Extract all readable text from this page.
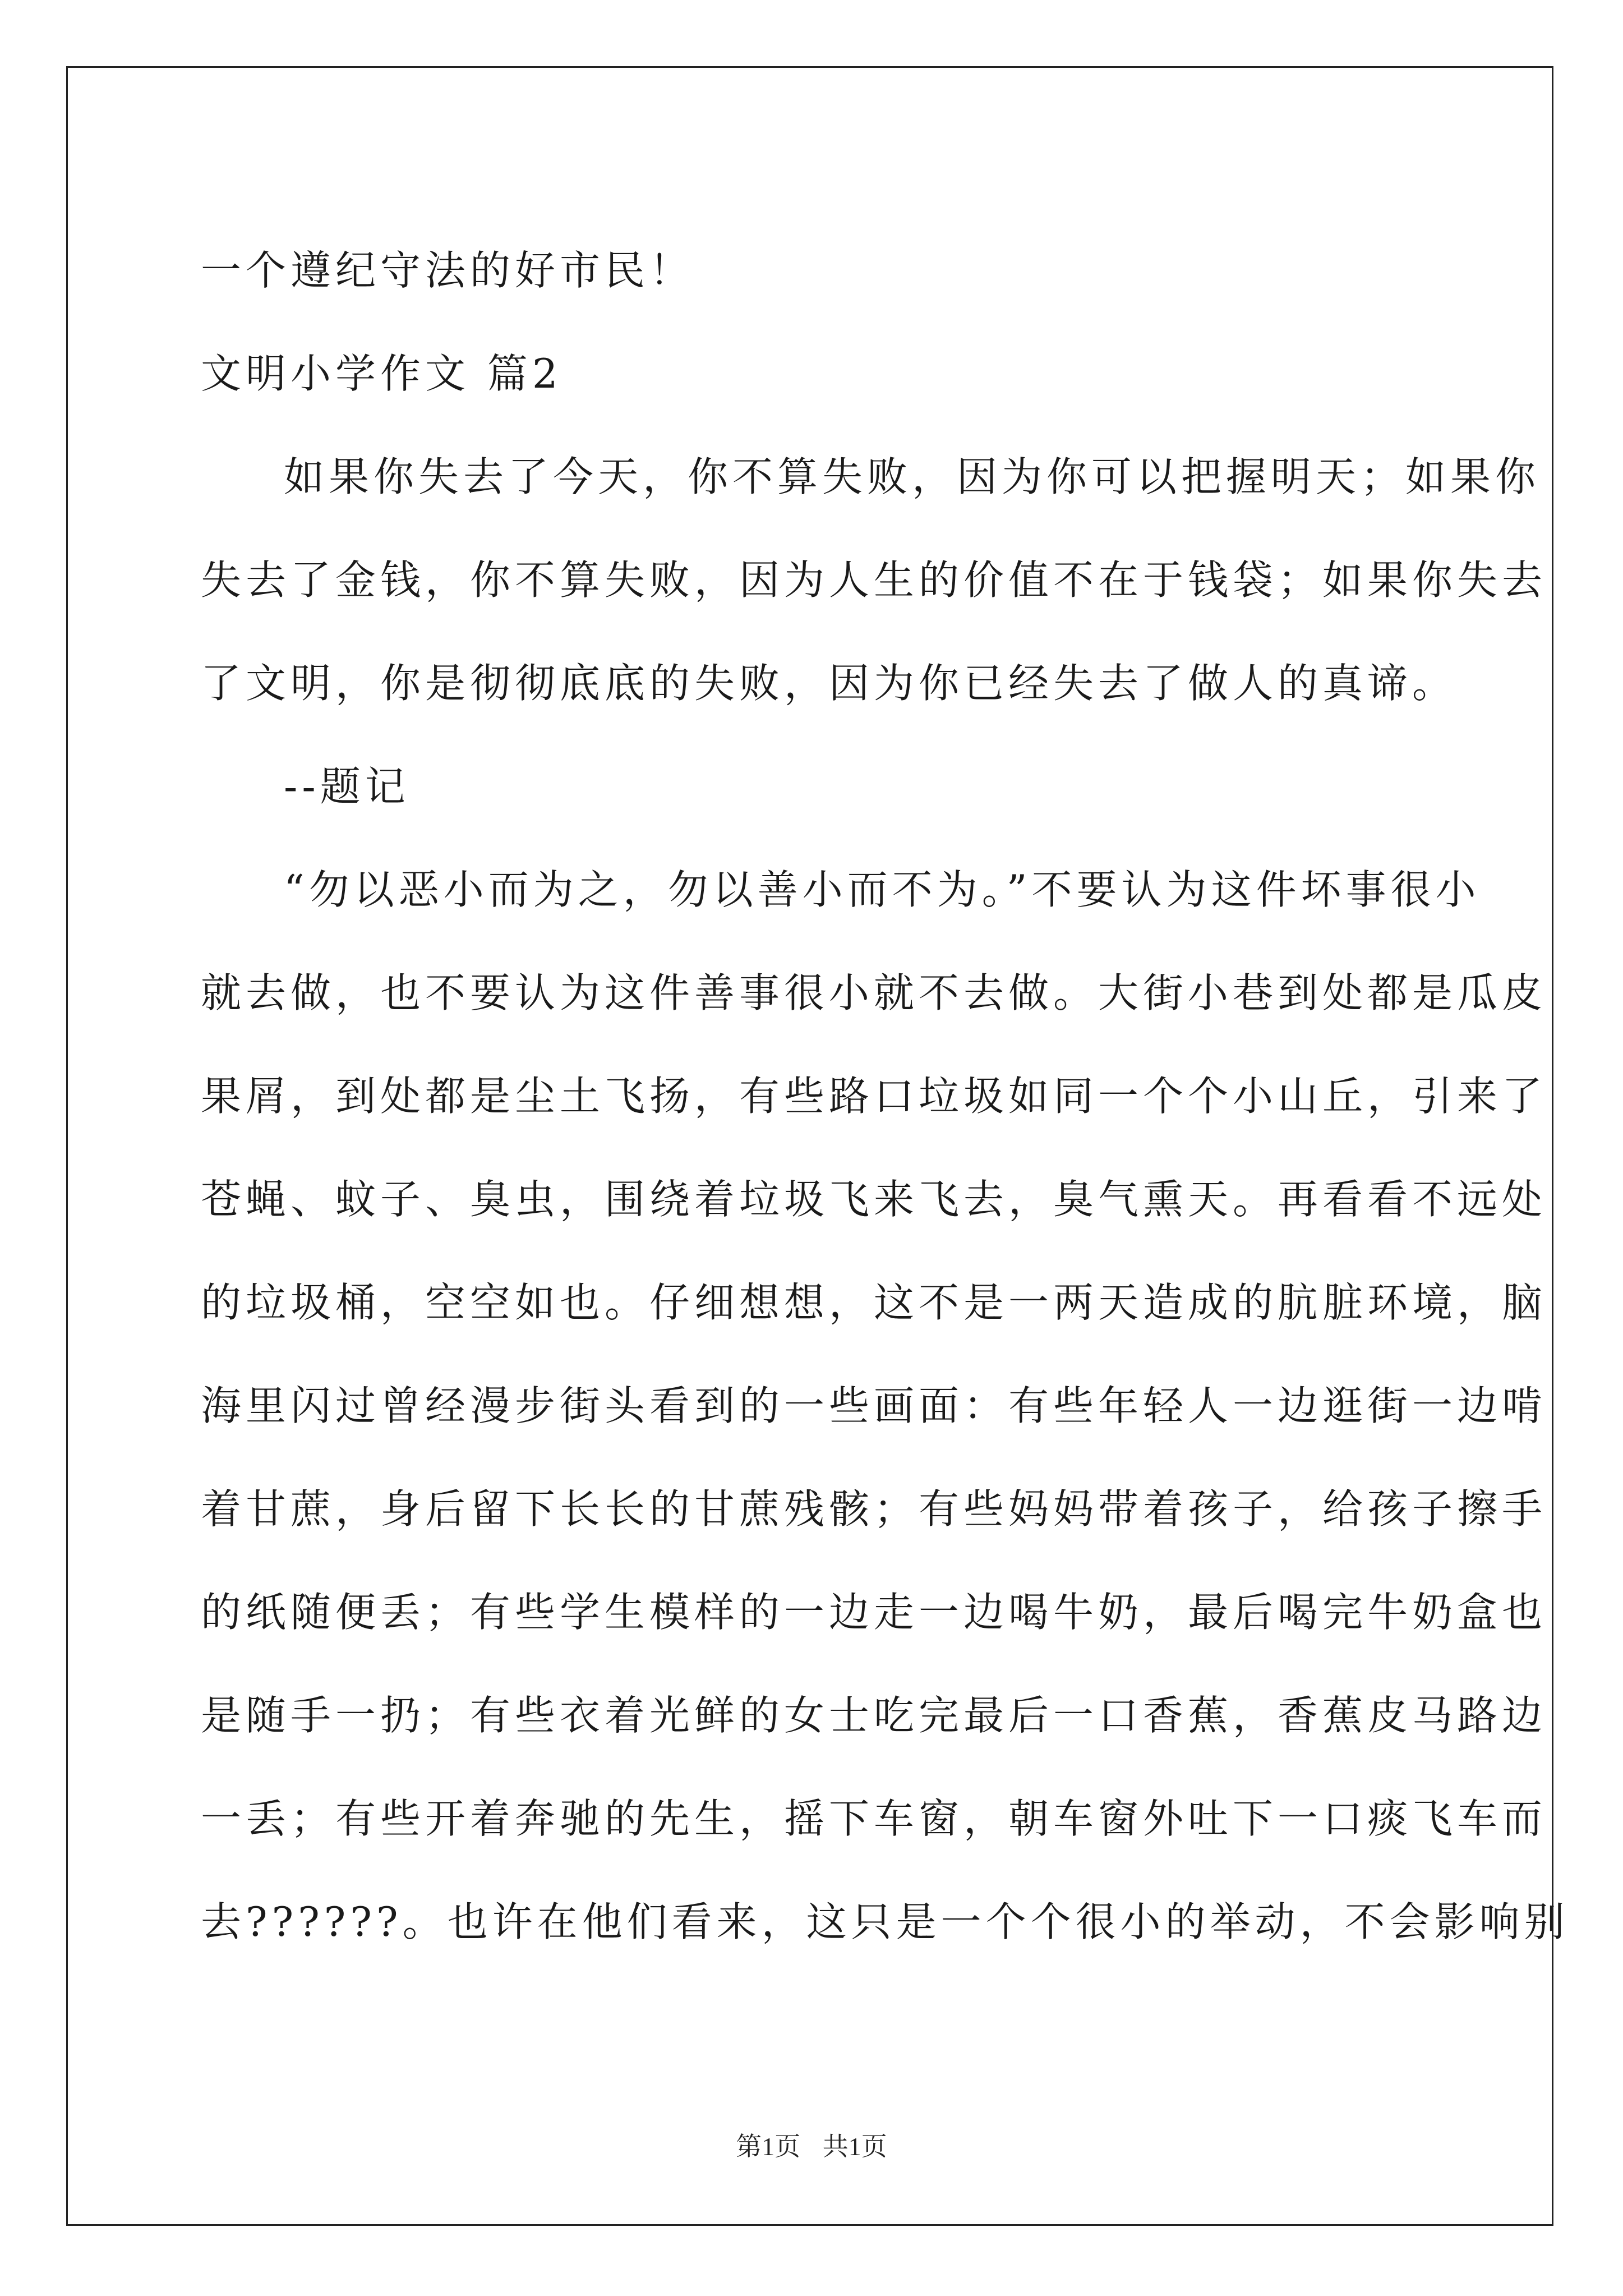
一个遵纪守法的好市民！
文明小学作文 篇2
如果你失去了今天，你不算失败，因为你可以把握明天；如果你
失去了金钱，你不算失败，因为人生的价值不在于钱袋；如果你失去
了文明，你是彻彻底底的失败，因为你已经失去了做人的真谛。
--题记
“勿以恶小而为之，勿以善小而不为。”不要认为这件坏事很小
就去做，也不要认为这件善事很小就不去做。大街小巷到处都是瓜皮
果屑，到处都是尘土飞扬，有些路口垃圾如同一个个小山丘，引来了
苍蝇、蚊子、臭虫，围绕着垃圾飞来飞去，臭气熏天。再看看不远处
的垃圾桶，空空如也。仔细想想，这不是一两天造成的肮脏环境，脑
海里闪过曾经漫步街头看到的一些画面：有些年轻人一边逛街一边啃
着甘蔗，身后留下长长的甘蔗残骸；有些妈妈带着孩子，给孩子擦手
的纸随便丢；有些学生模样的一边走一边喝牛奶，最后喝完牛奶盒也
是随手一扔；有些衣着光鲜的女士吃完最后一口香蕉，香蕉皮马路边
一丢；有些开着奔驰的先生，摇下车窗，朝车窗外吐下一口痰飞车而
去??????。也许在他们看来，这只是一个个很小的举动，不会影响别
第1页 共1页
